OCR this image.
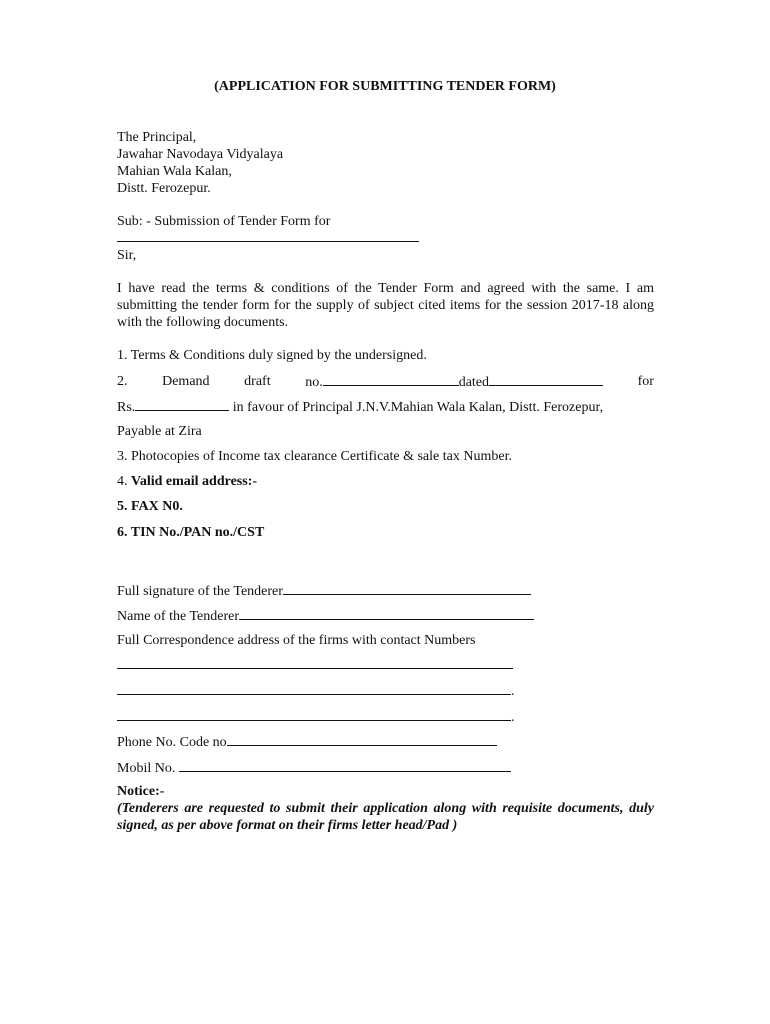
(APPLICATION FOR SUBMITTING TENDER FORM)
The Principal,
Jawahar Navodaya Vidyalaya
Mahian Wala Kalan,
Distt. Ferozepur.
Sub: - Submission of Tender Form for
Sir,
I have read the terms & conditions of the Tender Form and agreed with the same. I am submitting the tender form for the supply of subject cited items for the session 2017-18 along with the following documents.
1. Terms & Conditions duly signed by the undersigned.
2. Demand draft no.	dated	for
Rs.	in favour of Principal J.N.V.Mahian Wala Kalan, Distt. Ferozepur,
Payable at Zira
3. Photocopies of Income tax clearance Certificate & sale tax Number.
4. Valid email address:-
5. FAX N0.
6. TIN No./PAN no./CST
Full signature of the Tenderer
Name of the Tenderer
Full Correspondence address of the firms with contact Numbers
.
.
Phone No. Code no
Mobil No.
Notice:-
(Tenderers are requested to submit their application along with requisite documents, duly signed, as per above format on their firms letter head/Pad )
